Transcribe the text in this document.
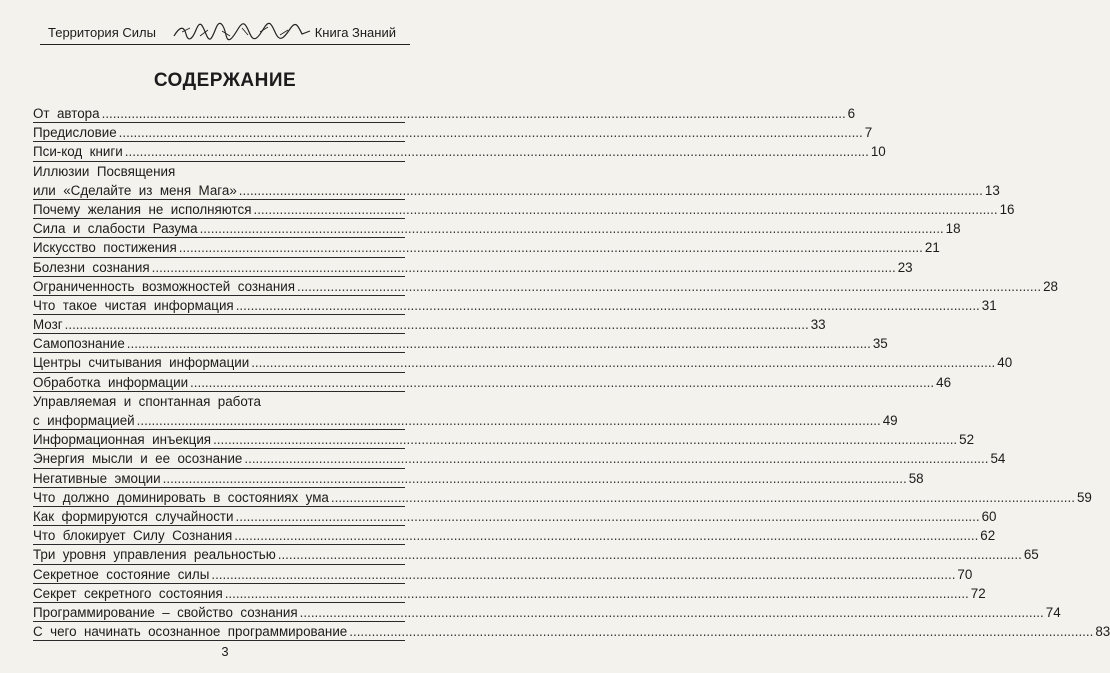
Территория Силы	Книга Знаний
СОДЕРЖАНИЕ
От  автора ........................................................................................................................................................................................................ 6
Предисловие ........................................................................................................................................................................................................ 7
Пси-код  книги ........................................................................................................................................................................................................ 10
Иллюзии  Посвящения
или  «Сделайте  из  меня  Мага» ........................................................................................................................................................................................................ 13
Почему  желания  не  исполняются ........................................................................................................................................................................................................ 16
Сила  и  слабости  Разума ........................................................................................................................................................................................................ 18
Искусство  постижения ........................................................................................................................................................................................................ 21
Болезни  сознания ........................................................................................................................................................................................................ 23
Ограниченность  возможностей  сознания ........................................................................................................................................................................................................ 28
Что  такое  чистая  информация ........................................................................................................................................................................................................ 31
Мозг ........................................................................................................................................................................................................ 33
Самопознание ........................................................................................................................................................................................................ 35
Центры  считывания  информации ........................................................................................................................................................................................................ 40
Обработка  информации ........................................................................................................................................................................................................ 46
Управляемая  и  спонтанная  работа
с  информацией ........................................................................................................................................................................................................ 49
Информационная  инъекция ........................................................................................................................................................................................................ 52
Энергия  мысли  и  ее  осознание ........................................................................................................................................................................................................ 54
Негативные  эмоции ........................................................................................................................................................................................................ 58
Что  должно  доминировать  в  состояниях  ума ........................................................................................................................................................................................................ 59
Как  формируются  случайности ........................................................................................................................................................................................................ 60
Что  блокирует  Силу  Сознания ........................................................................................................................................................................................................ 62
Три  уровня  управления  реальностью ........................................................................................................................................................................................................ 65
Секретное  состояние  силы ........................................................................................................................................................................................................ 70
Секрет  секретного  состояния ........................................................................................................................................................................................................ 72
Программирование  –  свойство  сознания ........................................................................................................................................................................................................ 74
С  чего  начинать  осознанное  программирование ........................................................................................................................................................................................................ 83
3
